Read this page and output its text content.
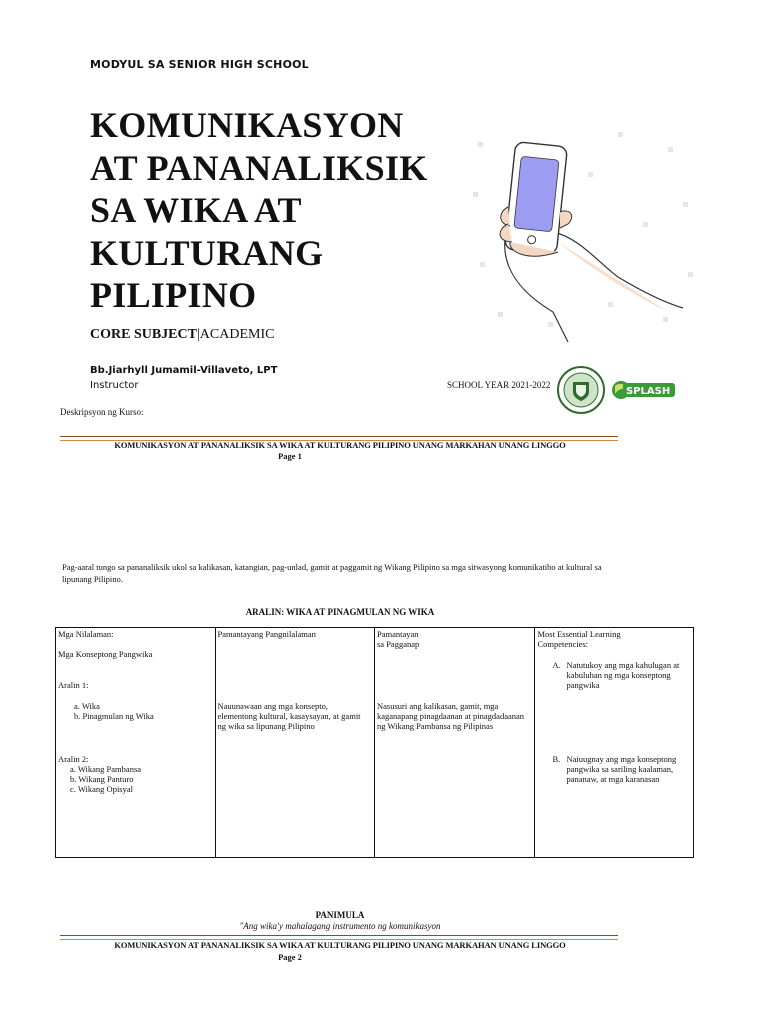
MODYUL SA SENIOR HIGH SCHOOL
KOMUNIKASYON
AT PANANALIKSIK
SA WIKA AT
KULTURANG
PILIPINO
CORE SUBJECT|ACADEMIC
Bb.Jiarhyll Jumamil-Villaveto, LPT
Instructor	SCHOOL YEAR 2021-2022
SPLASH
Deskripsyon ng Kurso:
KOMUNIKASYON AT PANANALIKSIK SA WIKA AT KULTURANG PILIPINO UNANG MARKAHAN UNANG LINGGO
Page 1
Pag-aaral tungo sa pananaliksik ukol sa kalikasan, katangian, pag-unlad, gamit at paggamit ng Wikang Pilipino sa mga sitwasyong komunikatibo at kultural sa lipunang Pilipino.
ARALIN: WIKA AT PINAGMULAN NG WIKA
Mga Nilalaman:
Mga Konseptong Pangwika
Aralin 1:
a. Wika
b. Pinagmulan ng Wika
Aralin 2:
a. Wikang Pambansa
b. Wikang Panturo
c. Wikang Opisyal

Pamantayang Pangnilalaman
Nauunawaan ang mga konsepto, elementong kultural, kasaysayan, at gamit ng wika sa lipunang Pilipino

Pamantayan
sa Pagganap
Nasusuri ang kalikasan, gamit, mga kaganapang pinagdaanan at pinagdadaanan ng Wikang Pambansa ng Pilipinas

Most Essential Learning
Competencies:
A. Natutukoy ang mga kahulugan at kabuluhan ng mga konseptong pangwika
B. Naiuugnay ang mga konseptong pangwika sa sariling kaalaman, pananaw, at mga karanasan
PANIMULA
"Ang wika'y mahalagang instrumento ng komunikasyon
KOMUNIKASYON AT PANANALIKSIK SA WIKA AT KULTURANG PILIPINO UNANG MARKAHAN UNANG LINGGO
Page 2
